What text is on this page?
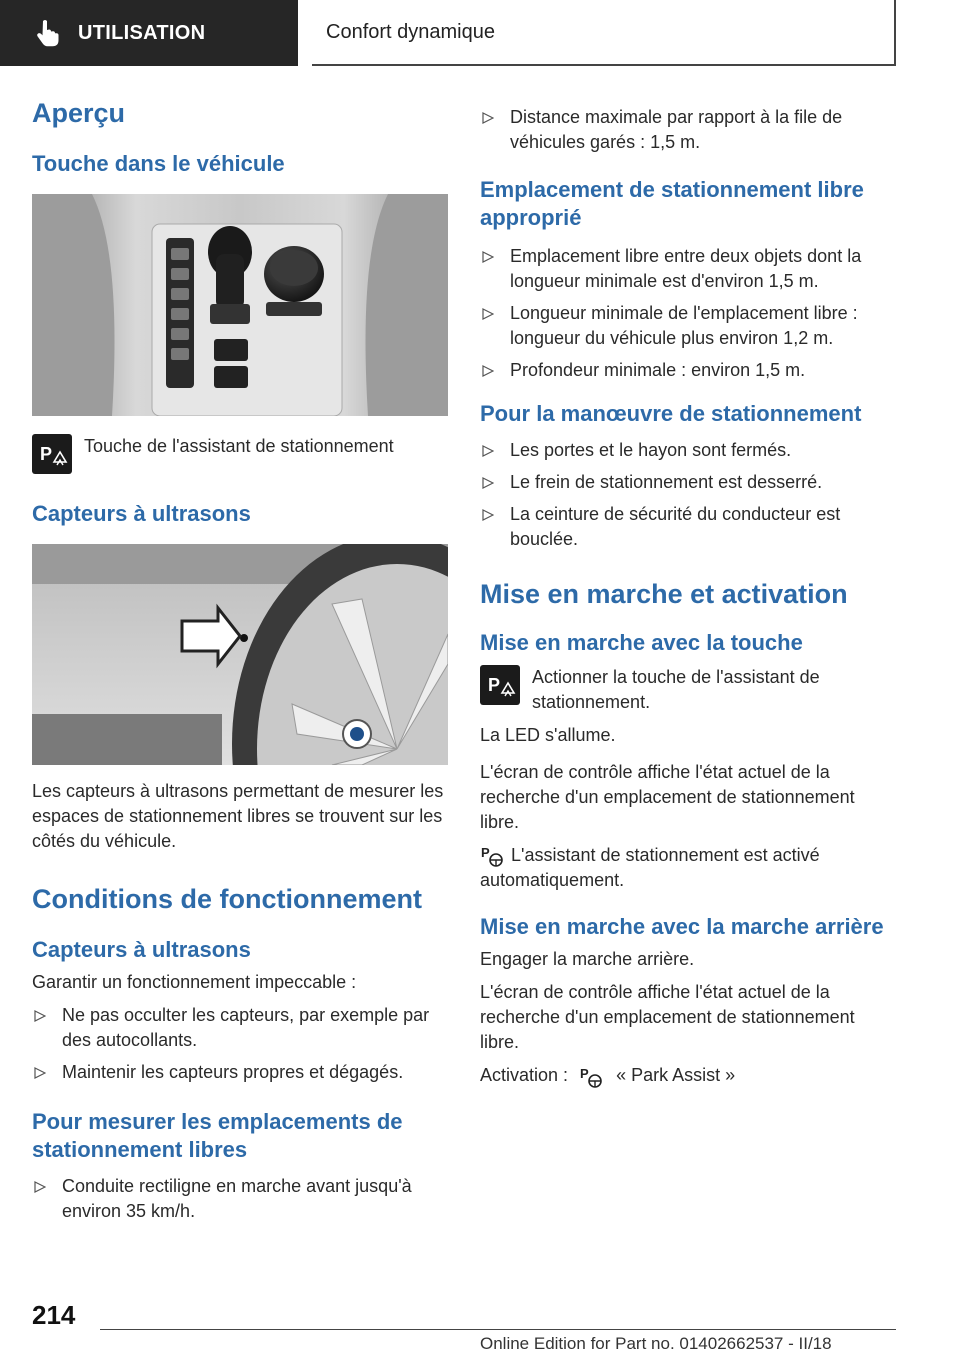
UTILISATION	Confort dynamique
Aperçu
Touche dans le véhicule
P Touche de l'assistant de stationnement

Capteurs à ultrasons

Les capteurs à ultrasons permettant de mesurer les espaces de stationnement libres se trouvent sur les côtés du véhicule.

Conditions de fonctionnement
Capteurs à ultrasons

Garantir un fonctionnement impeccable :

Ne pas occulter les capteurs, par exemple par des autocollants.
Maintenir les capteurs propres et dégagés.
Pour mesurer les emplacements de stationnement libres
Conduite rectiligne en marche avant jusqu'à environ 35 km/h.
Distance maximale par rapport à la file de véhicules garés : 1,5 m.
Emplacement de stationnement libre approprié
Emplacement libre entre deux objets dont la longueur minimale est d'environ 1,5 m.
Longueur minimale de l'emplacement libre : longueur du véhicule plus environ 1,2 m.
Profondeur minimale : environ 1,5 m.
Pour la manœuvre de stationnement
Les portes et le hayon sont fermés.
Le frein de stationnement est desserré.
La ceinture de sécurité du conducteur est bouclée.
Mise en marche et activation
Mise en marche avec la touche
P Actionner la touche de l'assistant de stationnement.

La LED s'allume.

L'écran de contrôle affiche l'état actuel de la recherche d'un emplacement de stationnement libre.

P L'assistant de stationnement est activé automatiquement.

Mise en marche avec la marche arrière

Engager la marche arrière.

L'écran de contrôle affiche l'état actuel de la recherche d'un emplacement de stationnement libre.

Activation : P « Park Assist »

214
Online Edition for Part no. 01402662537 - II/18
